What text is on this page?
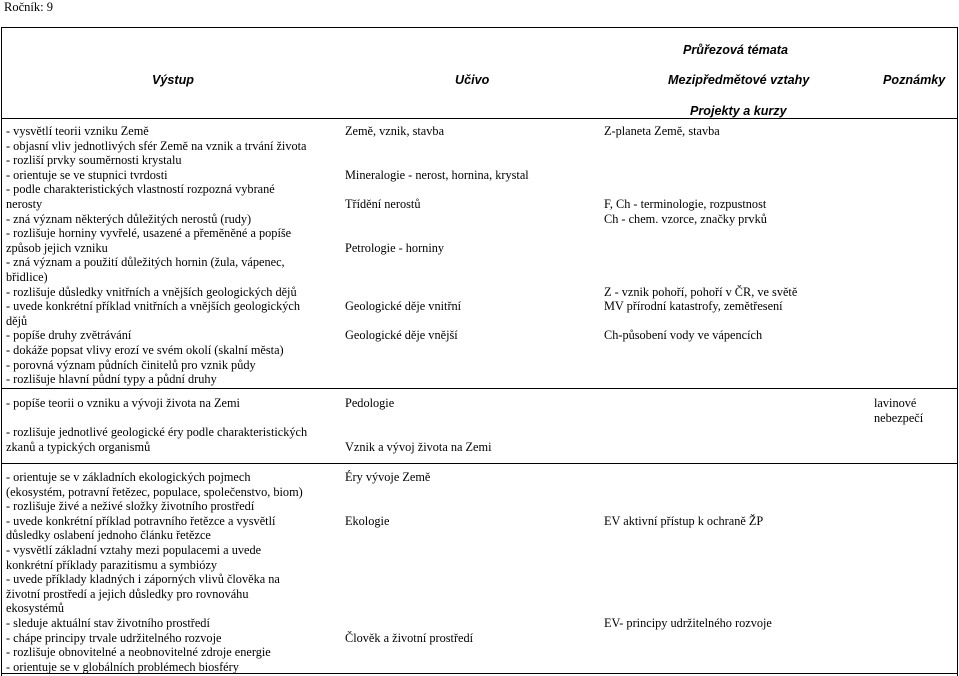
Ročník: 9
Výstup	Učivo
Průřezová témata
Mezipředmětové vztahy
Projekty a kurzy
Poznámky
- vysvětlí teorii vzniku Země
- objasní vliv jednotlivých sfér Země na vznik a trvání života
- rozliší prvky souměrnosti krystalu
- orientuje se ve stupnici tvrdosti
- podle charakteristických vlastností rozpozná vybrané
nerosty
- zná význam některých důležitých nerostů (rudy)
- rozlišuje horniny vyvřelé, usazené a přeměněné a popíše
způsob jejich vzniku
- zná význam a použití důležitých hornin (žula, vápenec,
břidlice)
- rozlišuje důsledky vnitřních a vnějších geologických dějů
- uvede konkrétní příklad vnitřních a vnějších geologických
dějů
- popíše druhy zvětrávání
- dokáže popsat vlivy erozí ve svém okolí (skalní města)
- porovná význam půdních činitelů pro vznik půdy
- rozlišuje hlavní půdní typy a půdní druhy
Země, vznik, stavba
Mineralogie - nerost, hornina, krystal
Třídění nerostů
Petrologie - horniny
Geologické děje vnitřní
Geologické děje vnější
Z-planeta Země, stavba
F, Ch - terminologie, rozpustnost
Ch - chem. vzorce, značky prvků
Z - vznik pohoří, pohoří v ČR, ve světě
MV přírodní katastrofy, zemětřesení
Ch-působení vody ve vápencích
- popíše teorii o vzniku a vývoji života na Zemi
- rozlišuje jednotlivé geologické éry podle charakteristických
zkanů a typických organismů
Pedologie
Vznik a vývoj života na Zemi
lavinové
nebezpečí
- orientuje se v základních ekologických pojmech
(ekosystém, potravní řetězec, populace, společenstvo, biom)
- rozlišuje živé a neživé složky životního prostředí
- uvede konkrétní příklad potravního řetězce a vysvětlí
důsledky oslabení jednoho článku řetězce
- vysvětlí základní vztahy mezi populacemi a uvede
konkrétní příklady parazitismu a symbiózy
- uvede příklady kladných i záporných vlivů člověka na
životní prostředí a jejich důsledky pro rovnováhu
ekosystémů
- sleduje aktuální stav životního prostředí
- chápe principy trvale udržitelného rozvoje
- rozlišuje obnovitelné a neobnovitelné zdroje energie
- orientuje se v globálních problémech biosféry
Éry vývoje Země
Ekologie
Člověk a životní prostředí
EV aktivní přístup k ochraně ŽP
EV- principy udržitelného rozvoje
